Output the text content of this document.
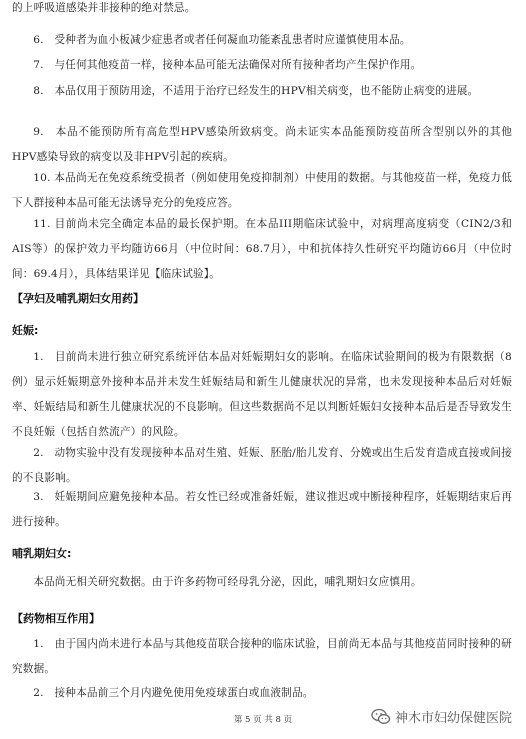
的上呼吸道感染并非接种的绝对禁忌。
6.　受种者为血小板减少症患者或者任何凝血功能紊乱患者时应谨慎使用本品。
7.　与任何其他疫苗一样，接种本品可能无法确保对所有接种者均产生保护作用。
8.　本品仅用于预防用途，不适用于治疗已经发生的HPV相关病变，也不能防止病变的进展。
9.　本品不能预防所有高危型HPV感染所致病变。尚未证实本品能预防疫苗所含型别以外的其他HPV感染导致的病变以及非HPV引起的疾病。
10. 本品尚无在免疫系统受损者（例如使用免疫抑制剂）中使用的数据。与其他疫苗一样，免疫力低下人群接种本品可能无法诱导充分的免疫应答。
11. 目前尚未完全确定本品的最长保护期。在本品III期临床试验中，对病理高度病变（CIN2/3和AIS等）的保护效力平均随访66月（中位时间：68.7月），中和抗体持久性研究平均随访66月（中位时间：69.4月），具体结果详见【临床试验】。
【孕妇及哺乳期妇女用药】
妊娠:
1.　目前尚未进行独立研究系统评估本品对妊娠期妇女的影响。在临床试验期间的极为有限数据（8例）显示妊娠期意外接种本品并未发生妊娠结局和新生儿健康状况的异常，也未发现接种本品后对妊娠率、妊娠结局和新生儿健康状况的不良影响。但这些数据尚不足以判断妊娠妇女接种本品后是否导致发生不良妊娠（包括自然流产）的风险。
2.　动物实验中没有发现接种本品对生殖、妊娠、胚胎/胎儿发育、分娩或出生后发育造成直接或间接的不良影响。
3.　妊娠期间应避免接种本品。若女性已经或准备妊娠，建议推迟或中断接种程序，妊娠期结束后再进行接种。
哺乳期妇女:
本品尚无相关研究数据。由于许多药物可经母乳分泌，因此，哺乳期妇女应慎用。
【药物相互作用】
1.　由于国内尚未进行本品与其他疫苗联合接种的临床试验，目前尚无本品与其他疫苗同时接种的研究数据。
2.　接种本品前三个月内避免使用免疫球蛋白或血液制品。
第 5 页 共 8 页	神木市妇幼保健医院
